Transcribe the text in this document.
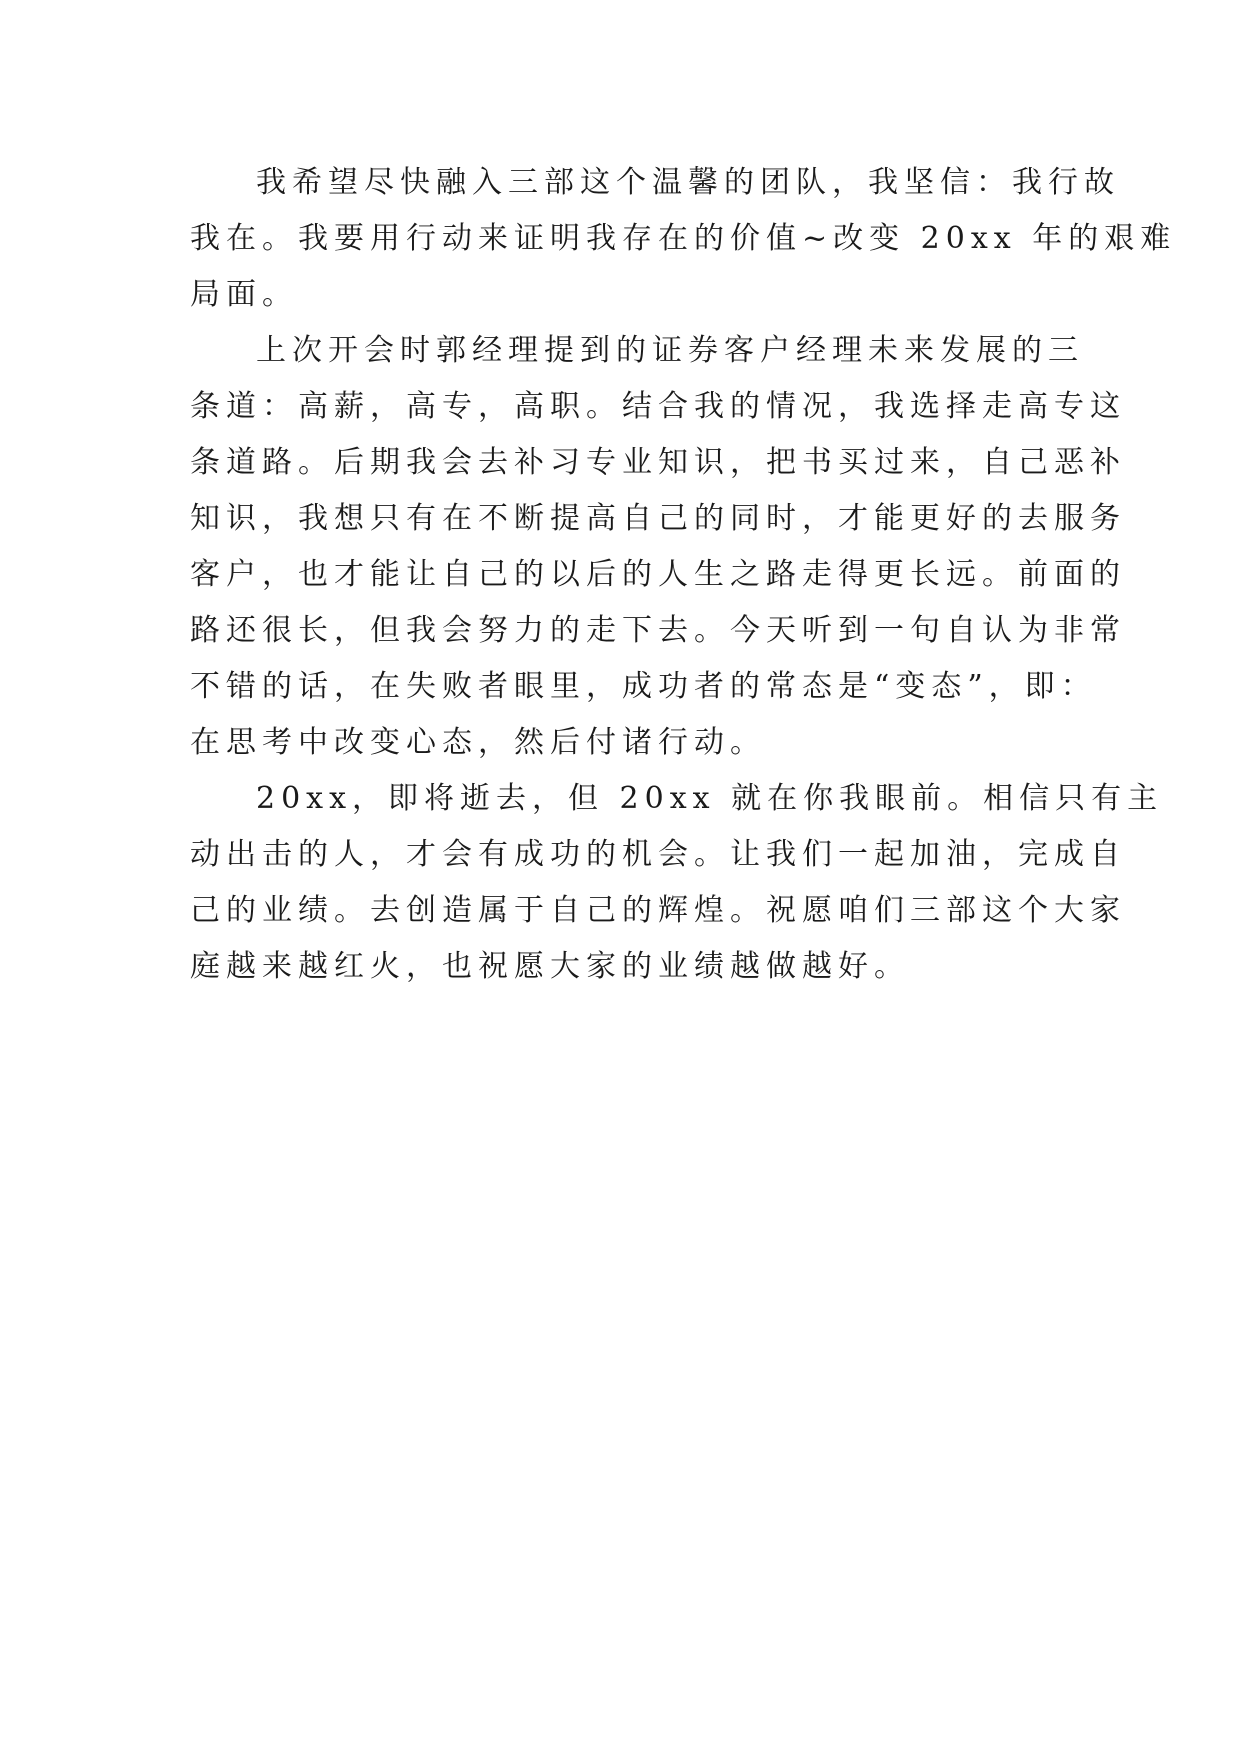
我希望尽快融入三部这个温馨的团队，我坚信：我行故
我在。我要用行动来证明我存在的价值~改变 20xx 年的艰难
局面。
上次开会时郭经理提到的证券客户经理未来发展的三
条道：高薪，高专，高职。结合我的情况，我选择走高专这
条道路。后期我会去补习专业知识，把书买过来，自己恶补
知识，我想只有在不断提高自己的同时，才能更好的去服务
客户，也才能让自己的以后的人生之路走得更长远。前面的
路还很长，但我会努力的走下去。今天听到一句自认为非常
不错的话，在失败者眼里，成功者的常态是“变态”，即：
在思考中改变心态，然后付诸行动。
20xx，即将逝去，但 20xx 就在你我眼前。相信只有主
动出击的人，才会有成功的机会。让我们一起加油，完成自
己的业绩。去创造属于自己的辉煌。祝愿咱们三部这个大家
庭越来越红火，也祝愿大家的业绩越做越好。
